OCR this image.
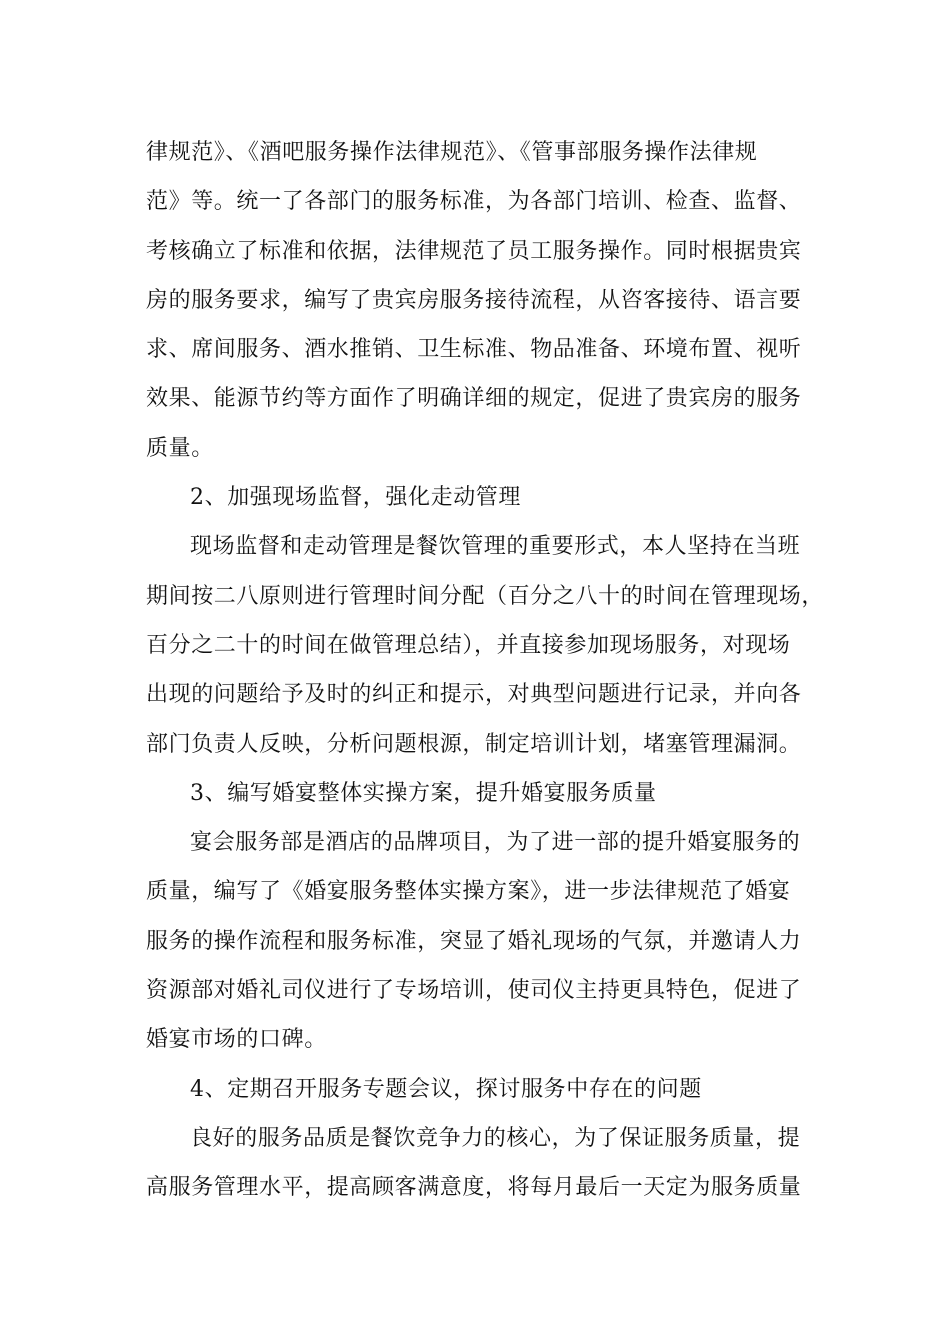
律规范》、《酒吧服务操作法律规范》、《管事部服务操作法律规
范》等。统一了各部门的服务标准，为各部门培训、检查、监督、
考核确立了标准和依据，法律规范了员工服务操作。同时根据贵宾
房的服务要求，编写了贵宾房服务接待流程，从咨客接待、语言要
求、席间服务、酒水推销、卫生标准、物品准备、环境布置、视听
效果、能源节约等方面作了明确详细的规定，促进了贵宾房的服务
质量。
2、加强现场监督，强化走动管理
现场监督和走动管理是餐饮管理的重要形式，本人坚持在当班
期间按二八原则进行管理时间分配（百分之八十的时间在管理现场，
百分之二十的时间在做管理总结），并直接参加现场服务，对现场
出现的问题给予及时的纠正和提示，对典型问题进行记录，并向各
部门负责人反映，分析问题根源，制定培训计划，堵塞管理漏洞。
3、编写婚宴整体实操方案，提升婚宴服务质量
宴会服务部是酒店的品牌项目，为了进一部的提升婚宴服务的
质量，编写了《婚宴服务整体实操方案》，进一步法律规范了婚宴
服务的操作流程和服务标准，突显了婚礼现场的气氛，并邀请人力
资源部对婚礼司仪进行了专场培训，使司仪主持更具特色，促进了
婚宴市场的口碑。
4、定期召开服务专题会议，探讨服务中存在的问题
良好的服务品质是餐饮竞争力的核心，为了保证服务质量，提
高服务管理水平，提高顾客满意度，将每月最后一天定为服务质量
